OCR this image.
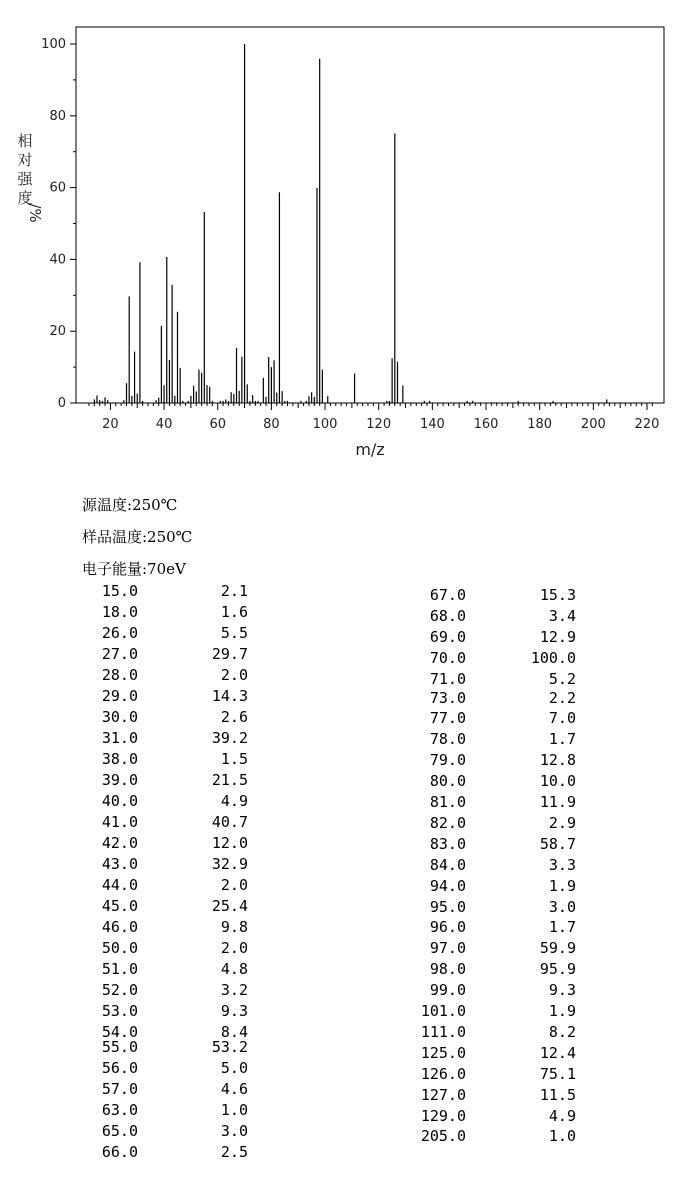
0
20
40
60
80
100
20	40	60	80	100 120 140 160 180 200 220
m/z
相
对
强
度
/%
源温度:250℃
样品温度:250℃
电子能量:70eV
15.0	2.1
18.0	1.6
26.0	5.5
27.0	29.7
28.0	2.0
29.0	14.3
30.0	2.6
31.0	39.2
38.0	1.5
39.0	21.5
40.0	4.9
41.0	40.7
42.0	12.0
43.0	32.9
44.0	2.0
45.0	25.4
46.0	9.8
50.0	2.0
51.0	4.8
52.0	3.2
53.0	9.3
54.0	8.4
55.0	53.2
56.0	5.0
57.0	4.6
63.0	1.0
65.0	3.0
66.0	2.5
67.0	15.3
68.0	3.4
69.0	12.9
70.0	100.0
71.0	5.2
73.0	2.2
77.0	7.0
78.0	1.7
79.0	12.8
80.0	10.0
81.0	11.9
82.0	2.9
83.0	58.7
84.0	3.3
94.0	1.9
95.0	3.0
96.0	1.7
97.0	59.9
98.0	95.9
99.0	9.3
101.0	1.9
111.0	8.2
125.0	12.4
126.0	75.1
127.0	11.5
129.0	4.9
205.0	1.0
